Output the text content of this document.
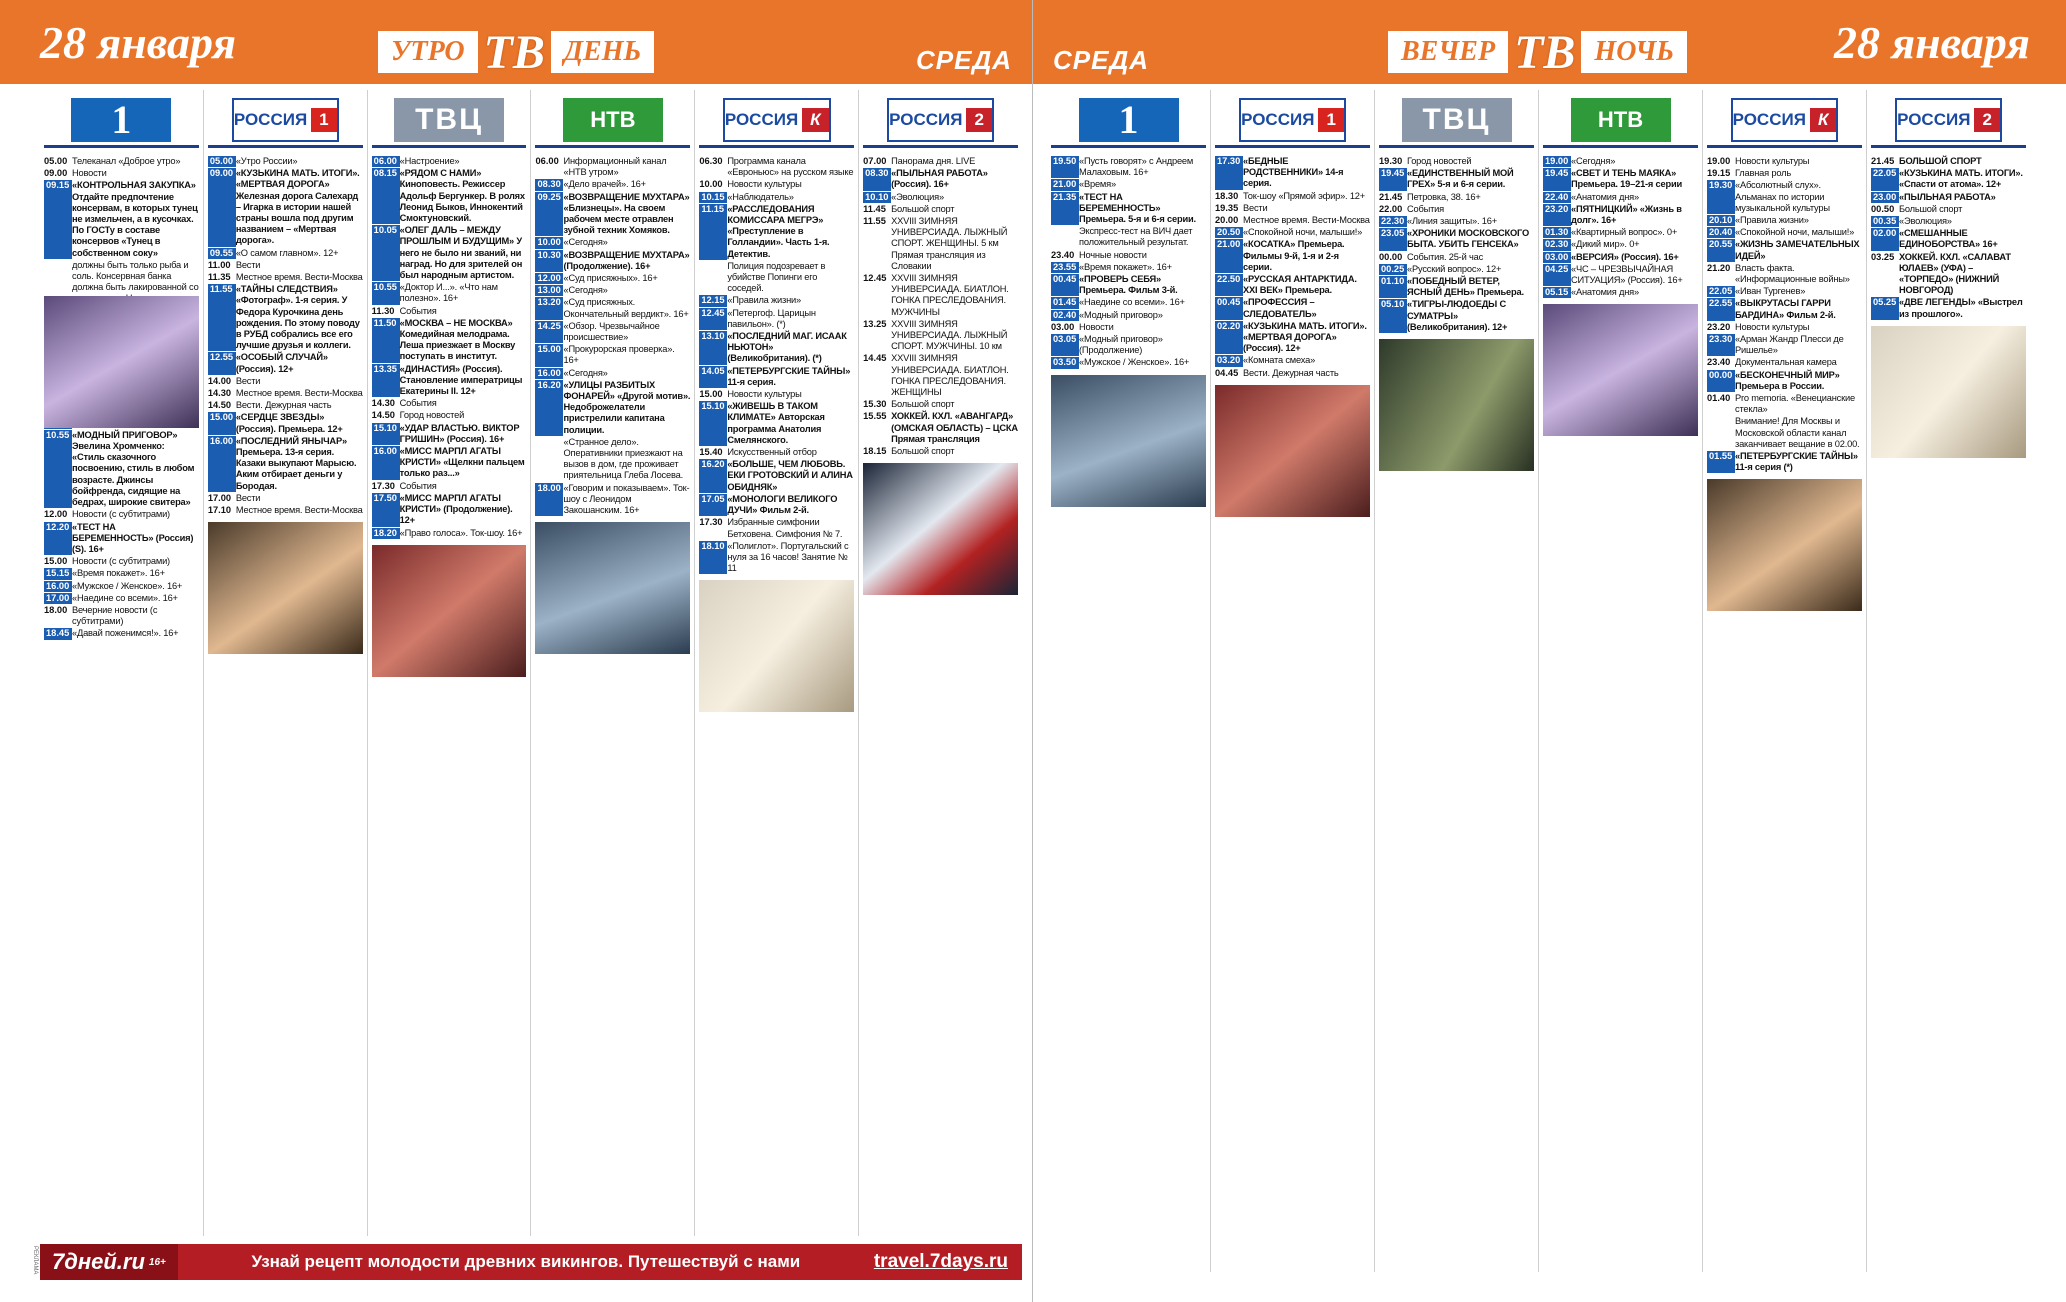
28 января	УТРО ТВ ДЕНЬ	СРЕДА
1
05.00 Телеканал «Доброе утро»
09.00 Новости
09.15 «КОНТРОЛЬНАЯ ЗАКУПКА» Отдайте предпочтение консервам, в которых тунец не измельчен, а в кусочках. По ГОСТу в составе консервов «Тунец в собственном соку»
должны быть только рыба и соль. Консервная банка должна быть лакированной со
10.55 «МОДНЫЙ ПРИГОВОР» Эвелина Хромченко: «Стиль сказочного посвоению, стиль в любом возрасте. Джинсы бойфренда, сидящие на бедрах, широкие свитера»
12.00 Новости (с субтитрами)
12.20 «ТЕСТ НА БЕРЕМЕННОСТЬ» (Россия) (S). 16+
15.00 Новости (с субтитрами)
15.15 «Время покажет». 16+
16.00 «Мужское / Женское». 16+
17.00 «Наедине со всеми». 16+
18.00 Вечерние новости (с субтитрами)
18.45 «Давай поженимся!». 16+
РОССИЯ 1
05.00 «Утро России»
09.00 «КУЗЬКИНА МАТЬ. ИТОГИ». «МЕРТВАЯ ДОРОГА» Железная дорога Салехард – Игарка в истории нашей страны вошла под другим названием – «Мертвая дорога».
09.55 «О самом главном». 12+
11.00 Вести
11.35 Местное время. Вести-Москва
11.55 «ТАЙНЫ СЛЕДСТВИЯ» «Фотограф». 1-я серия. У Федора Курочкина день рождения. По этому поводу в РУБД собрались все его лучшие друзья и коллеги.
12.55 «ОСОБЫЙ СЛУЧАЙ» (Россия). 12+
14.00 Вести
14.30 Местное время. Вести-Москва
14.50 Вести. Дежурная часть
15.00 «СЕРДЦЕ ЗВЕЗДЫ» (Россия). Премьера. 12+
16.00 «ПОСЛЕДНИЙ ЯНЫЧАР» Премьера. 13-я серия. Казаки выкупают Марысю. Аким отбирает деньги у Бородая.
17.00 Вести
17.10 Местное время. Вести-Москва
ТВЦ
06.00 «Настроение»
08.15 «РЯДОМ С НАМИ» Киноповесть. Режиссер Адольф Бергункер. В ролях Леонид Быков, Иннокентий Смоктуновский.
10.05 «ОЛЕГ ДАЛЬ – МЕЖДУ ПРОШЛЫМ И БУДУЩИМ» У него не было ни званий, ни наград. Но для зрителей он был народным артистом.
10.55 «Доктор И...». «Что нам полезно». 16+
11.30 События
11.50 «МОСКВА – НЕ МОСКВА» Комедийная мелодрама. Леша приезжает в Москву поступать в институт.
13.35 «ДИНАСТИЯ» (Россия). Становление императрицы Екатерины II. 12+
14.30 События
14.50 Город новостей
15.10 «УДАР ВЛАСТЬЮ. ВИКТОР ГРИШИН» (Россия). 16+
16.00 «МИСС МАРПЛ АГАТЫ КРИСТИ» «Щелкни пальцем только раз...»
17.30 События
17.50 «МИСС МАРПЛ АГАТЫ КРИСТИ» (Продолжение). 12+
18.20 «Право голоса». Ток-шоу. 16+
НТВ
06.00 Информационный канал «НТВ утром»
08.30 «Дело врачей». 16+
09.25 «ВОЗВРАЩЕНИЕ МУХТАРА» «Близнецы». На своем рабочем месте отравлен зубной техник Хомяков.
10.00 «Сегодня»
10.30 «ВОЗВРАЩЕНИЕ МУХТАРА» (Продолжение). 16+
12.00 «Суд присяжных». 16+
13.00 «Сегодня»
13.20 «Суд присяжных. Окончательный вердикт». 16+
14.25 «Обзор. Чрезвычайное происшествие»
15.00 «Прокурорская проверка». 16+
16.00 «Сегодня»
16.20 «УЛИЦЫ РАЗБИТЫХ ФОНАРЕЙ» «Другой мотив». Недоброжелатели пристрелили капитана полиции.
«Странное дело». Оперативники приезжают на вызов в дом, где проживает приятельница Глеба Лосева.
18.00 «Говорим и показываем». Ток-шоу с Леонидом Закошанским. 16+
РОССИЯ К
06.30 Программа канала «Евроньюс» на русском языке
10.00 Новости культуры
10.15 «Наблюдатель»
11.15 «РАССЛЕДОВАНИЯ КОМИССАРА МЕГРЭ» «Преступление в Голландии». Часть 1-я. Детектив.
Полиция подозревает в убийстве Попинги его соседей.
12.15 «Правила жизни»
12.45 «Петергоф. Царицын павильон». (*)
13.10 «ПОСЛЕДНИЙ МАГ. ИСААК НЬЮТОН» (Великобритания). (*)
14.05 «ПЕТЕРБУРГСКИЕ ТАЙНЫ» 11-я серия.
15.00 Новости культуры
15.10 «ЖИВЕШЬ В ТАКОМ КЛИМАТЕ» Авторская программа Анатолия Смелянского.
15.40 Искусственный отбор
16.20 «БОЛЬШЕ, ЧЕМ ЛЮБОВЬ. ЕКИ ГРОТОВСКИЙ И АЛИНА ОБИДНЯК»
17.05 «МОНОЛОГИ ВЕЛИКОГО ДУЧИ» Фильм 2-й.
17.30 Избранные симфонии Бетховена. Симфония № 7.
18.10 «Полиглот». Португальский с нуля за 16 часов! Занятие № 11
РОССИЯ 2
07.00 Панорама дня. LIVE
08.30 «ПЫЛЬНАЯ РАБОТА» (Россия). 16+
10.10 «Эволюция»
11.45 Большой спорт
11.55 XXVIII ЗИМНЯЯ УНИВЕРСИАДА. ЛЫЖНЫЙ СПОРТ. ЖЕНЩИНЫ. 5 км Прямая трансляция из Словакии
12.45 XXVIII ЗИМНЯЯ УНИВЕРСИАДА. БИАТЛОН. ГОНКА ПРЕСЛЕДОВАНИЯ. МУЖЧИНЫ
13.25 XXVIII ЗИМНЯЯ УНИВЕРСИАДА. ЛЫЖНЫЙ СПОРТ. МУЖЧИНЫ. 10 км
14.45 XXVIII ЗИМНЯЯ УНИВЕРСИАДА. БИАТЛОН. ГОНКА ПРЕСЛЕДОВАНИЯ. ЖЕНЩИНЫ
15.30 Большой спорт
15.55 ХОККЕЙ. КХЛ. «АВАНГАРД» (ОМСКАЯ ОБЛАСТЬ) – ЦСКА Прямая трансляция
18.15 Большой спорт
РЕКЛАМА 7дней.ru 16+	Узнай рецепт молодости древних викингов. Путешествуй с нами	travel.7days.ru
СРЕДА	ВЕЧЕР ТВ НОЧЬ	28 января
1
19.50 «Пусть говорят» с Андреем Малаховым. 16+
21.00 «Время»
21.35 «ТЕСТ НА БЕРЕМЕННОСТЬ» Премьера. 5-я и 6-я серии.
Экспресс-тест на ВИЧ дает положительный результат.
23.40 Ночные новости
23.55 «Время покажет». 16+
00.45 «ПРОВЕРЬ СЕБЯ» Премьера. Фильм 3-й.
01.45 «Наедине со всеми». 16+
02.40 «Модный приговор»
03.00 Новости
03.05 «Модный приговор» (Продолжение)
03.50 «Мужское / Женское». 16+
РОССИЯ 1
17.30 «БЕДНЫЕ РОДСТВЕННИКИ» 14-я серия.
18.30 Ток-шоу «Прямой эфир». 12+
19.35 Вести
20.00 Местное время. Вести-Москва
20.50 «Спокойной ночи, малыши!»
21.00 «КОСАТКА» Премьера. Фильмы 9-й, 1-я и 2-я серии.
22.50 «РУССКАЯ АНТАРКТИДА. XXI ВЕК» Премьера.
00.45 «ПРОФЕССИЯ – СЛЕДОВАТЕЛЬ»
02.20 «КУЗЬКИНА МАТЬ. ИТОГИ». «МЕРТВАЯ ДОРОГА» (Россия). 12+
03.20 «Комната смеха»
04.45 Вести. Дежурная часть
ТВЦ
19.30 Город новостей
19.45 «ЕДИНСТВЕННЫЙ МОЙ ГРЕХ» 5-я и 6-я серии.
21.45 Петровка, 38. 16+
22.00 События
22.30 «Линия защиты». 16+
23.05 «ХРОНИКИ МОСКОВСКОГО БЫТА. УБИТЬ ГЕНСЕКА»
00.00 События. 25-й час
00.25 «Русский вопрос». 12+
01.10 «ПОБЕДНЫЙ ВЕТЕР, ЯСНЫЙ ДЕНЬ» Премьера.
05.10 «ТИГРЫ-ЛЮДОЕДЫ С СУМАТРЫ» (Великобритания). 12+
НТВ
19.00 «Сегодня»
19.45 «СВЕТ И ТЕНЬ МАЯКА» Премьера. 19–21-я серии
22.40 «Анатомия дня»
23.20 «ПЯТНИЦКИЙ» «Жизнь в долг». 16+
01.30 «Квартирный вопрос». 0+
02.30 «Дикий мир». 0+
03.00 «ВЕРСИЯ» (Россия). 16+
04.25 «ЧС – ЧРЕЗВЫЧАЙНАЯ СИТУАЦИЯ» (Россия). 16+
05.15 «Анатомия дня»
РОССИЯ К
19.00 Новости культуры
19.15 Главная роль
19.30 «Абсолютный слух». Альманах по истории музыкальной культуры
20.10 «Правила жизни»
20.40 «Спокойной ночи, малыши!»
20.55 «ЖИЗНЬ ЗАМЕЧАТЕЛЬНЫХ ИДЕЙ»
21.20 Власть факта. «Информационные войны»
22.05 «Иван Тургенев»
22.55 «ВЫКРУТАСЫ ГАРРИ БАРДИНА» Фильм 2-й.
23.20 Новости культуры
23.30 «Арман Жандр Плесси де Ришелье»
23.40 Документальная камера
00.00 «БЕСКОНЕЧНЫЙ МИР» Премьера в России.
01.40 Pro memoria. «Венецианские стекла»
Внимание! Для Москвы и Московской области канал заканчивает вещание в 02.00.
01.55 «ПЕТЕРБУРГСКИЕ ТАЙНЫ» 11-я серия (*)
РОССИЯ 2
21.45 БОЛЬШОЙ СПОРТ
22.05 «КУЗЬКИНА МАТЬ. ИТОГИ». «Спасти от атома». 12+
23.00 «ПЫЛЬНАЯ РАБОТА»
00.50 Большой спорт
00.35 «Эволюция»
02.00 «СМЕШАННЫЕ ЕДИНОБОРСТВА» 16+
03.25 ХОККЕЙ. КХЛ. «САЛАВАТ ЮЛАЕВ» (УФА) – «ТОРПЕДО» (НИЖНИЙ НОВГОРОД)
05.25 «ДВЕ ЛЕГЕНДЫ» «Выстрел из прошлого».
